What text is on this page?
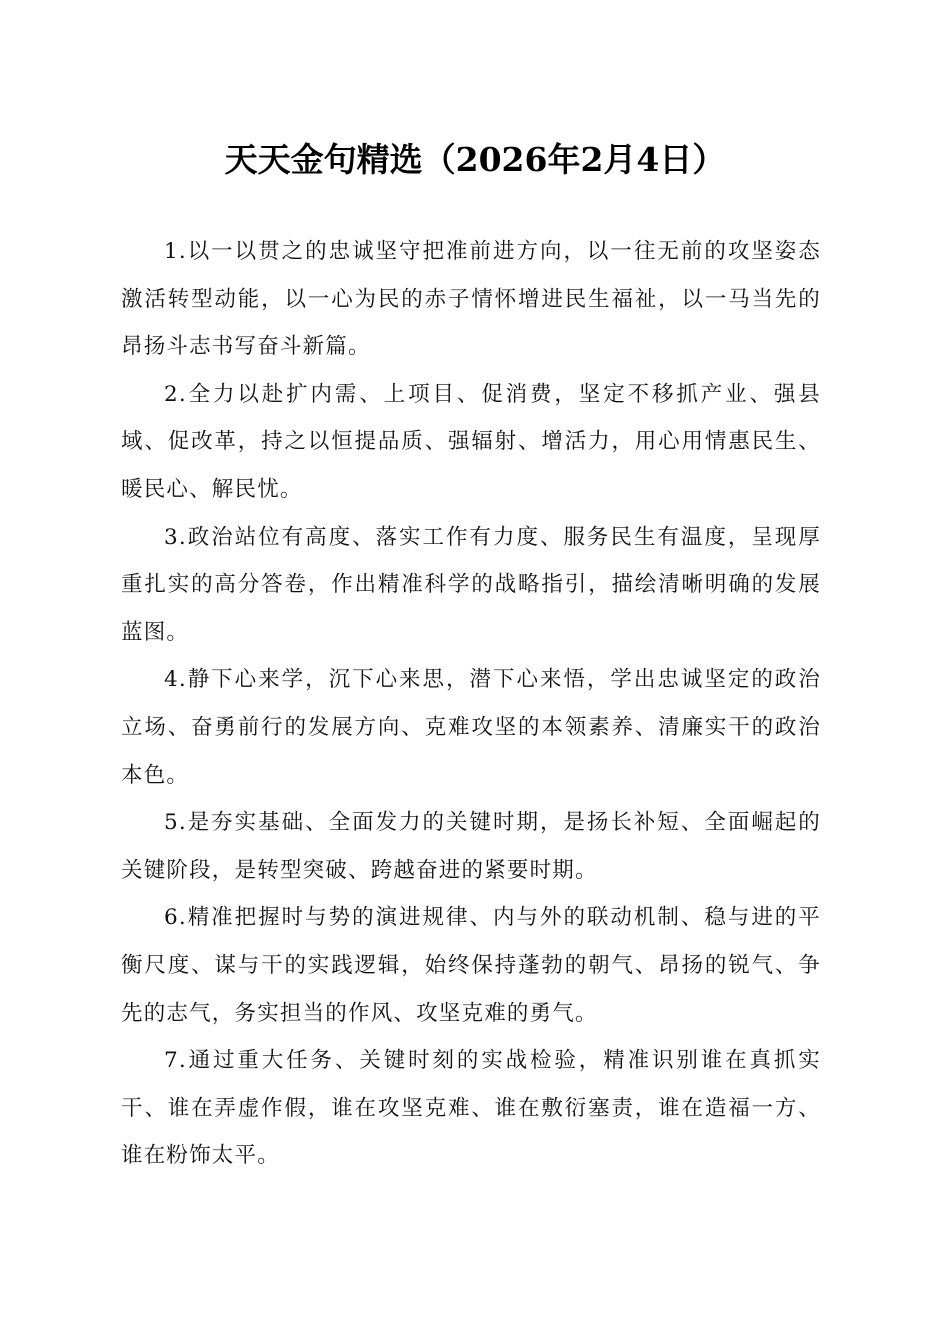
天天金句精选（2026年2月4日）

1.以一以贯之的忠诚坚守把准前进方向，以一往无前的攻坚姿态激活转型动能，以一心为民的赤子情怀增进民生福祉，以一马当先的昂扬斗志书写奋斗新篇。

2.全力以赴扩内需、上项目、促消费，坚定不移抓产业、强县域、促改革，持之以恒提品质、强辐射、增活力，用心用情惠民生、暖民心、解民忧。

3.政治站位有高度、落实工作有力度、服务民生有温度，呈现厚重扎实的高分答卷，作出精准科学的战略指引，描绘清晰明确的发展蓝图。

4.静下心来学，沉下心来思，潜下心来悟，学出忠诚坚定的政治立场、奋勇前行的发展方向、克难攻坚的本领素养、清廉实干的政治本色。

5.是夯实基础、全面发力的关键时期，是扬长补短、全面崛起的关键阶段，是转型突破、跨越奋进的紧要时期。

6.精准把握时与势的演进规律、内与外的联动机制、稳与进的平衡尺度、谋与干的实践逻辑，始终保持蓬勃的朝气、昂扬的锐气、争先的志气，务实担当的作风、攻坚克难的勇气。

7.通过重大任务、关键时刻的实战检验，精准识别谁在真抓实干、谁在弄虚作假，谁在攻坚克难、谁在敷衍塞责，谁在造福一方、谁在粉饰太平。
